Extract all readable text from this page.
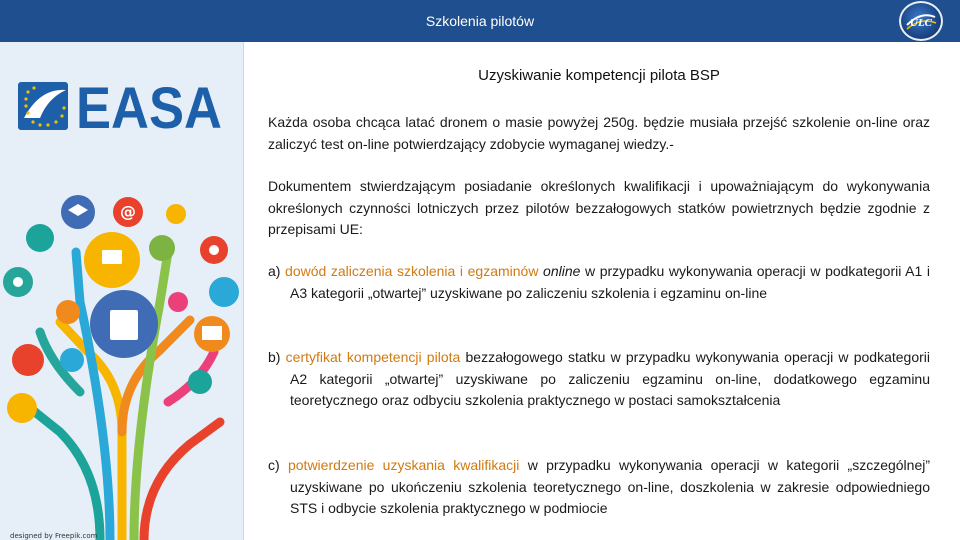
Szkolenia pilotów	ULC
EASA
@
designed by Freepik.com
Uzyskiwanie kompetencji pilota BSP
Każda osoba chcąca latać dronem o masie powyżej 250g. będzie musiała przejść szkolenie on-line oraz zaliczyć test on-line potwierdzający zdobycie wymaganej wiedzy.-
Dokumentem stwierdzającym posiadanie określonych kwalifikacji i upoważniającym do wykonywania określonych czynności lotniczych przez pilotów bezzałogowych statków powietrznych będzie zgodnie z przepisami UE:
a) dowód zaliczenia szkolenia i egzaminów online w przypadku wykonywania operacji w podkategorii A1 i A3 kategorii „otwartej” uzyskiwane po zaliczeniu szkolenia i egzaminu on-line
b) certyfikat kompetencji pilota bezzałogowego statku w przypadku wykonywania operacji w podkategorii A2 kategorii „otwartej” uzyskiwane po zaliczeniu egzaminu on-line, dodatkowego egzaminu teoretycznego oraz odbyciu szkolenia praktycznego w postaci samokształcenia
c) potwierdzenie uzyskania kwalifikacji w przypadku wykonywania operacji w kategorii „szczególnej” uzyskiwane po ukończeniu szkolenia teoretycznego on-line, doszkolenia w zakresie odpowiedniego STS i odbycie szkolenia praktycznego w podmiocie
